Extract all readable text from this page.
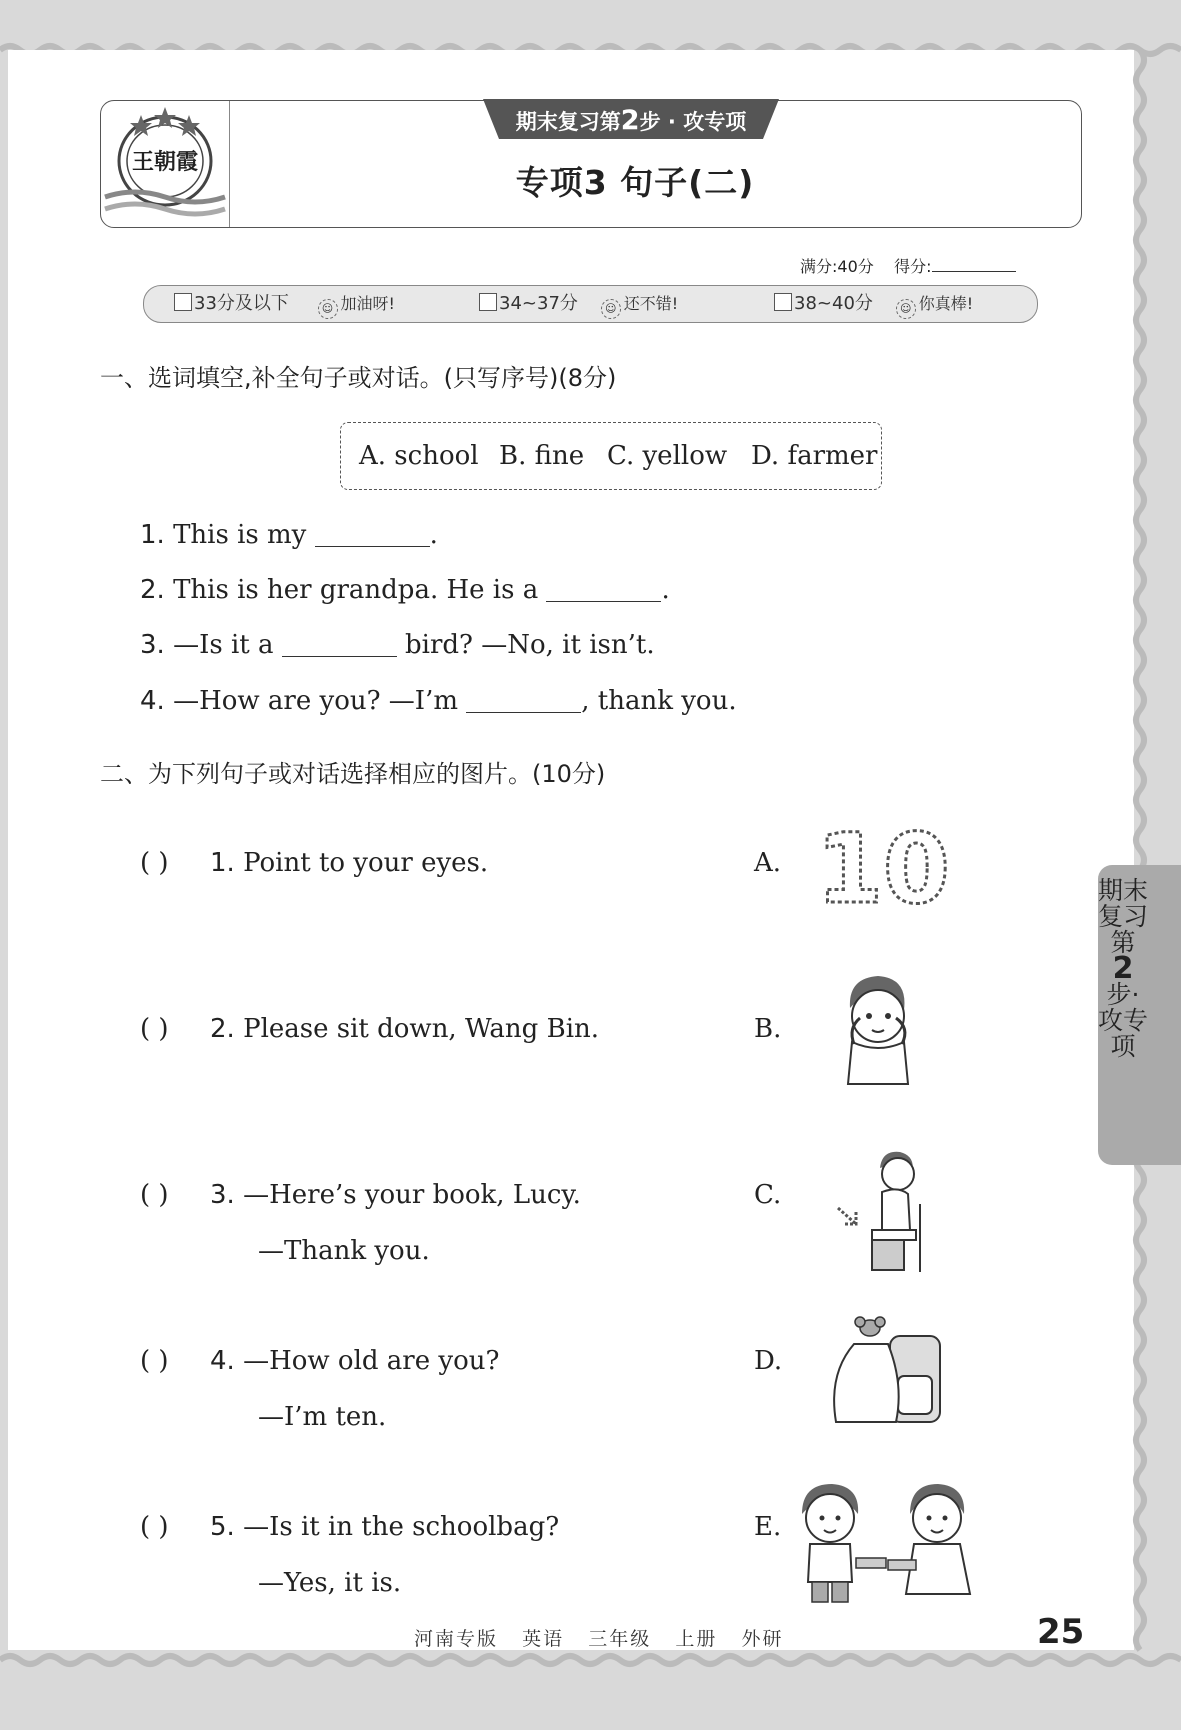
王朝霞
期末复习第2步 · 攻专项
专项3 句子(二)
满分:40分 得分:
33分及以下	☺ 加油呀!	34~37分 ☺ 还不错!	38~40分 ☺ 你真棒!
一、选词填空,补全句子或对话。(只写序号)(8分)
A. school B. fine C. yellow D. farmer
1. This is my	.
2. This is her grandpa. He is a	.
3. —Is it a	bird? —No, it isn’t.
4. —How are you? —I’m	, thank you.
二、为下列句子或对话选择相应的图片。(10分)
( ) 1. Point to your eyes.	A. 10
( ) 2. Please sit down, Wang Bin.	B.
( ) 3. —Here’s your book, Lucy.
—Thank you.
C.
( ) 4. —How old are you?
—I’m ten.
D.
( ) 5. —Is it in the schoolbag?
—Yes, it is.
E.
期末复习第
2
步·攻专项
河南专版   英语   三年级   上册   外研	25
